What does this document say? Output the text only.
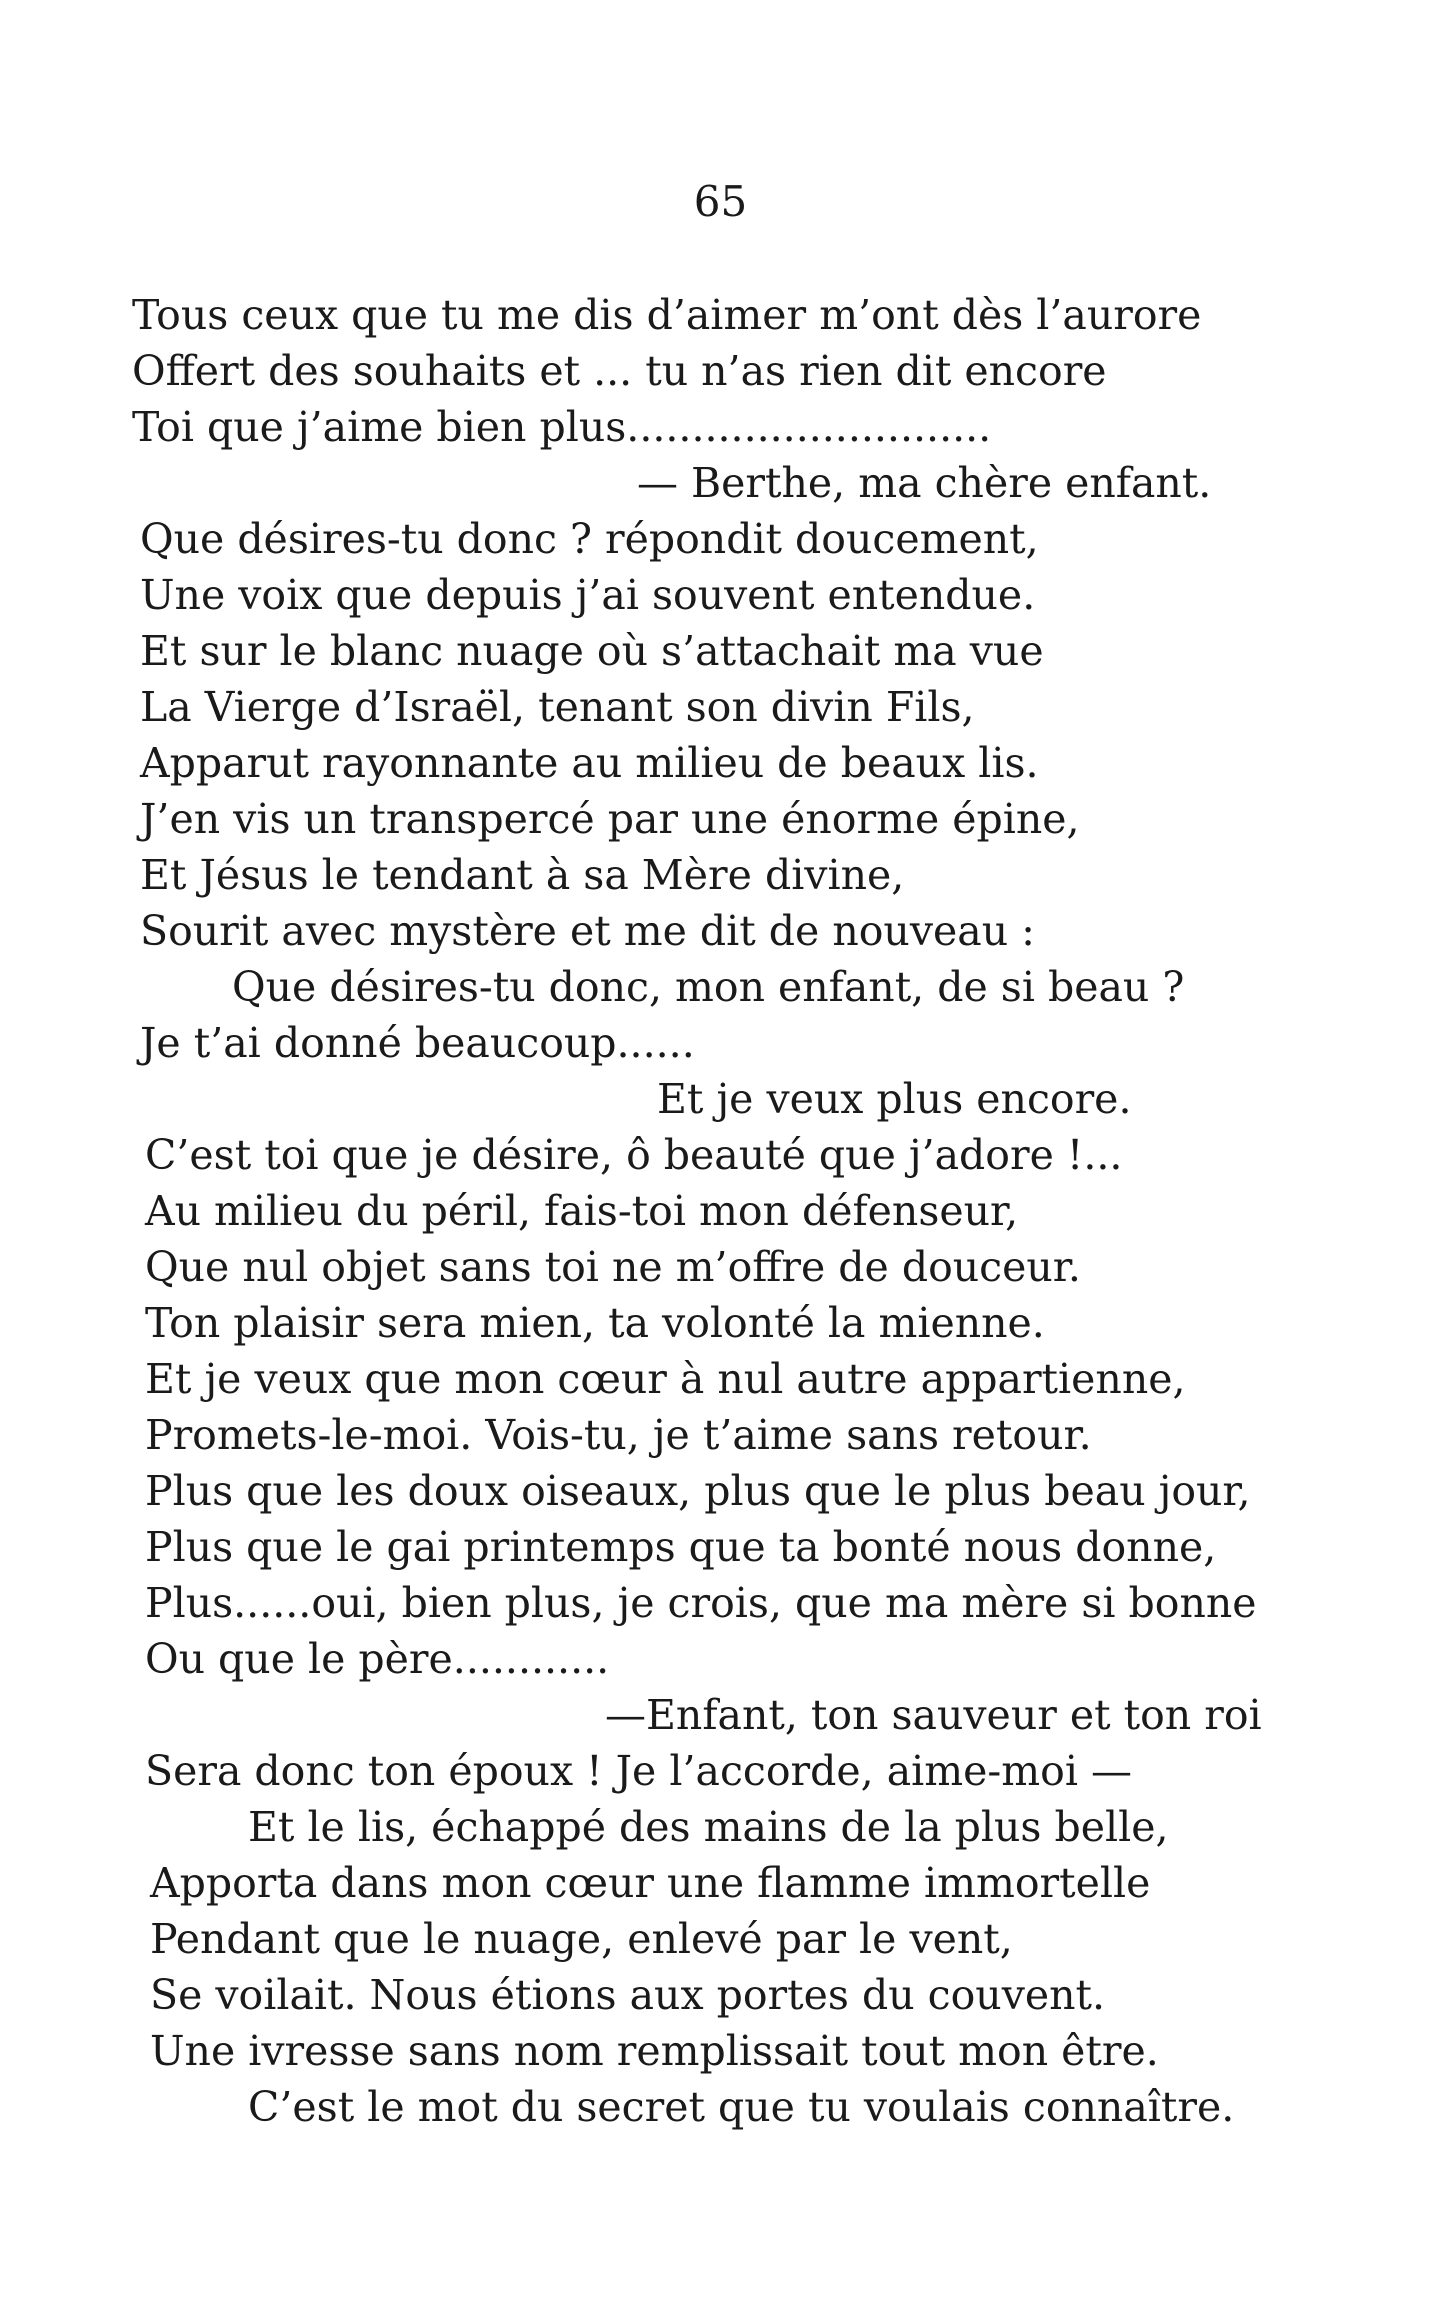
65
Tous ceux que tu me dis d’aimer m’ont dès l’aurore
Offert des souhaits et ... tu n’as rien dit encore
Toi que j’aime bien plus............................
— Berthe, ma chère enfant.
Que désires-tu donc ? répondit doucement,
Une voix que depuis j’ai souvent entendue.
Et sur le blanc nuage où s’attachait ma vue
La Vierge d’Israël, tenant son divin Fils,
Apparut rayonnante au milieu de beaux lis.
J’en vis un transpercé par une énorme épine,
Et Jésus le tendant à sa Mère divine,
Sourit avec mystère et me dit de nouveau :
Que désires-tu donc, mon enfant, de si beau ?
Je t’ai donné beaucoup......
Et je veux plus encore.
C’est toi que je désire, ô beauté que j’adore !...
Au milieu du péril, fais-toi mon défenseur,
Que nul objet sans toi ne m’offre de douceur.
Ton plaisir sera mien, ta volonté la mienne.
Et je veux que mon cœur à nul autre appartienne,
Promets-le-moi. Vois-tu, je t’aime sans retour.
Plus que les doux oiseaux, plus que le plus beau jour,
Plus que le gai printemps que ta bonté nous donne,
Plus......oui, bien plus, je crois, que ma mère si bonne
Ou que le père............
—Enfant, ton sauveur et ton roi
Sera donc ton époux ! Je l’accorde, aime-moi —
Et le lis, échappé des mains de la plus belle,
Apporta dans mon cœur une flamme immortelle
Pendant que le nuage, enlevé par le vent,
Se voilait. Nous étions aux portes du couvent.
Une ivresse sans nom remplissait tout mon être.
C’est le mot du secret que tu voulais connaître.
